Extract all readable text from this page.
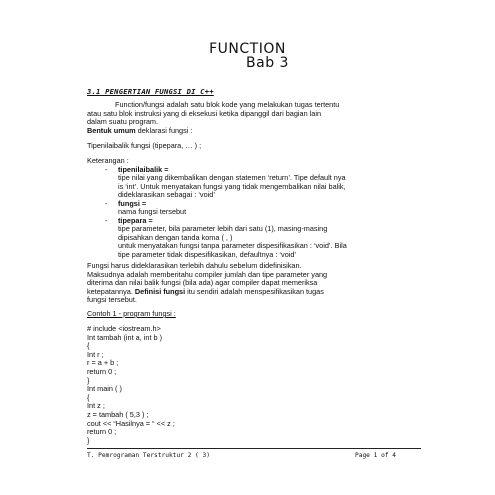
FUNCTION
Bab 3
3.1 PENGERTIAN FUNGSI DI C++
Function/fungsi adalah satu blok kode yang melakukan tugas tertentu
atau satu blok instruksi yang di eksekusi ketika dipanggil dari bagian lain
dalam suatu program.
Bentuk umum deklarasi fungsi :
Tipenilaibalik fungsi (tipepara, … ) ;
Keterangan :
- tipenilaibalik =
tipe nilai yang dikembalikan dengan statemen ‘return’. Tipe default nya
is ‘int’. Untuk menyatakan fungsi yang tidak mengembalikan nilai balik,
dideklarasikan sebagai : ‘void’
- fungsi =
nama fungsi tersebut
- tipepara =
tipe parameter, bila parameter lebih dari satu (1), masing-masing
dipisahkan dengan tanda koma ( , )
untuk menyatakan fungsi tanpa parameter dispesifikasikan : ‘void’. Bila
tipe parameter tidak dispesifikasikan, defaultnya : ‘void’
Fungsi harus dideklarasikan terlebih dahulu sebelum didefinisikan.
Maksudnya adalah memberitahu compiler jumlah dan tipe parameter yang
diterima dan nilai balik fungsi (bila ada) agar compiler dapat memeriksa
ketepatannya. Definisi fungsi itu sendiri adalah menspesifikasikan tugas
fungsi tersebut.
Contoh 1 - program fungsi :
# include <iostream.h>
Int tambah (int a, int b )
{
Int r ;
r = a + b ;
return 0 ;
}
Int main ( )
{
Int z ;
z = tambah ( 5,3 ) ;
cout << “Hasilnya = “ << z ;
return 0 ;
}
T. Pemrograman Terstruktur 2 ( 3)	Page 1 of 4
